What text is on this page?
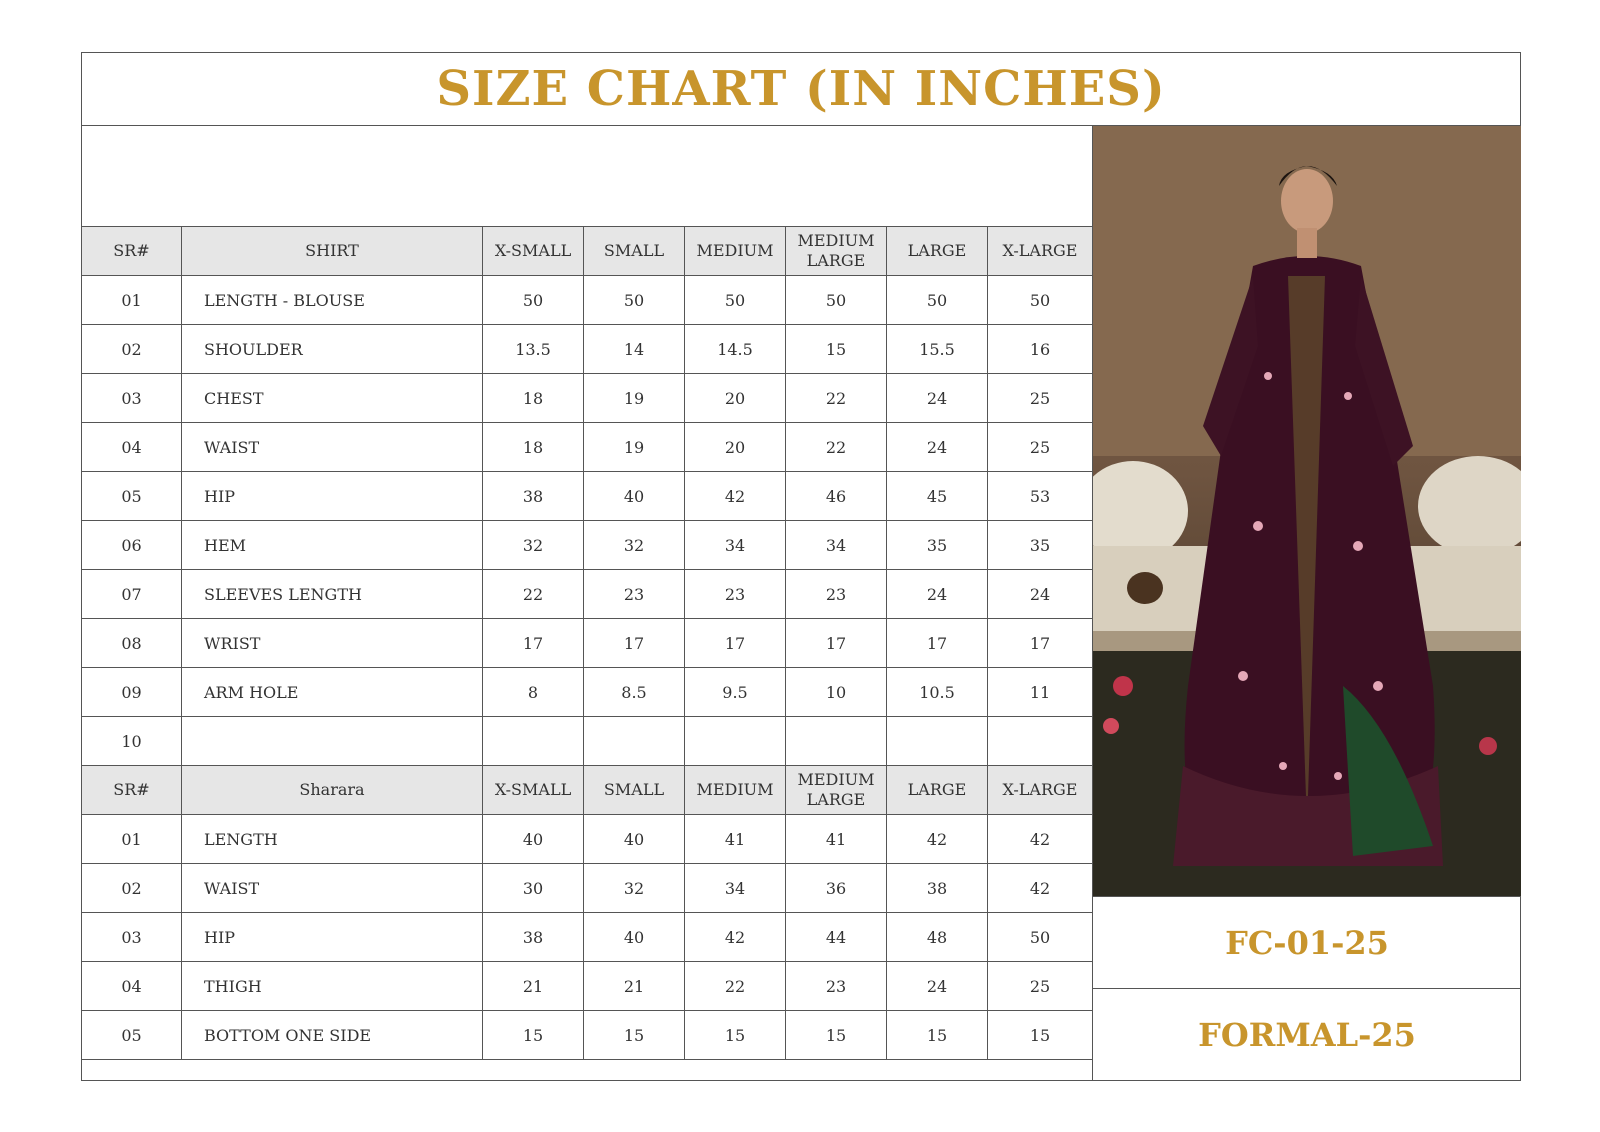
SIZE CHART (IN INCHES)
SR#	SHIRT	X-SMALL	SMALL	MEDIUM	MEDIUM LARGE	LARGE	X-LARGE
01	LENGTH - BLOUSE	50	50	50	50	50	50
02	SHOULDER	13.5	14	14.5	15	15.5	16
03	CHEST	18	19	20	22	24	25
04	WAIST	18	19	20	22	24	25
05	HIP	38	40	42	46	45	53
06	HEM	32	32	34	34	35	35
07	SLEEVES LENGTH	22	23	23	23	24	24
08	WRIST	17	17	17	17	17	17
09	ARM HOLE	8	8.5	9.5	10	10.5	11
10							
SR#	Sharara	X-SMALL	SMALL	MEDIUM	MEDIUM LARGE	LARGE	X-LARGE
01	LENGTH	40	40	41	41	42	42
02	WAIST	30	32	34	36	38	42
03	HIP	38	40	42	44	48	50
04	THIGH	21	21	22	23	24	25
05	BOTTOM ONE SIDE	15	15	15	15	15	15
FC-01-25
FORMAL-25
